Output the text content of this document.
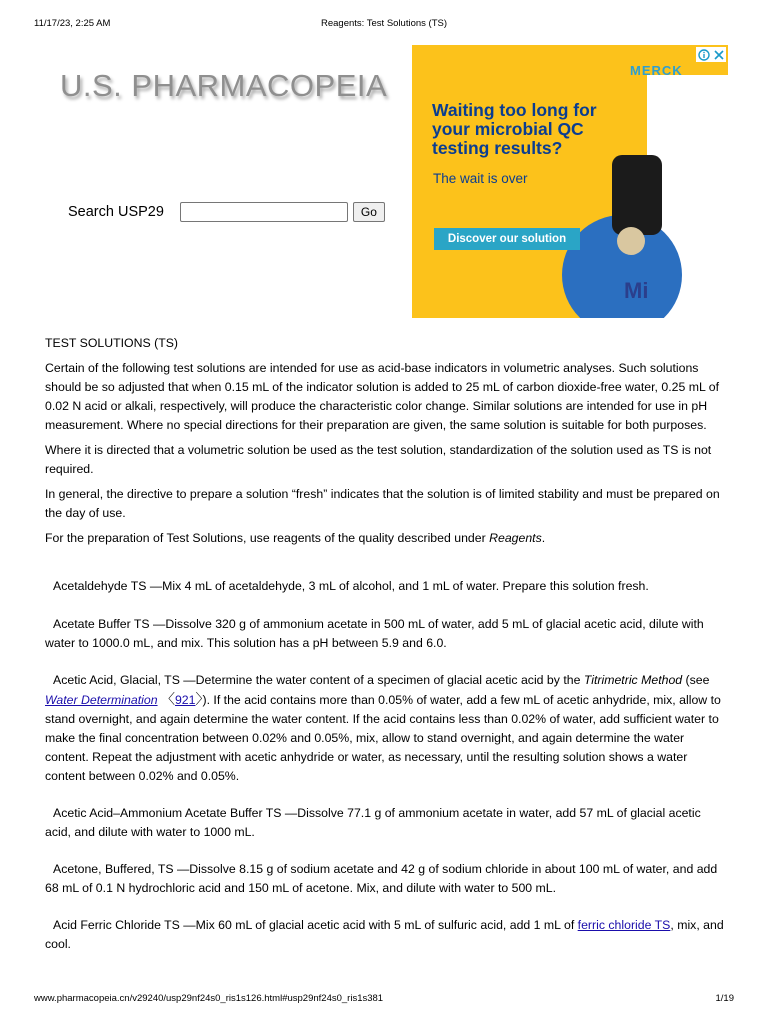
11/17/23, 2:25 AM	Reagents: Test Solutions (TS)
U.S. PHARMACOPEIA
Search USP29	Go
MERCK
Waiting too long for your microbial QC testing results?
The wait is over
Discover our solution
Mi

TEST SOLUTIONS (TS)

Certain of the following test solutions are intended for use as acid-base indicators in volumetric analyses. Such solutions should be so adjusted that when 0.15 mL of the indicator solution is added to 25 mL of carbon dioxide-free water, 0.25 mL of 0.02 N acid or alkali, respectively, will produce the characteristic color change. Similar solutions are intended for use in pH measurement. Where no special directions for their preparation are given, the same solution is suitable for both purposes.

Where it is directed that a volumetric solution be used as the test solution, standardization of the solution used as TS is not required.

In general, the directive to prepare a solution “fresh” indicates that the solution is of limited stability and must be prepared on the day of use.

For the preparation of Test Solutions, use reagents of the quality described under Reagents.

Acetaldehyde TS —Mix 4 mL of acetaldehyde, 3 mL of alcohol, and 1 mL of water. Prepare this solution fresh.

Acetate Buffer TS —Dissolve 320 g of ammonium acetate in 500 mL of water, add 5 mL of glacial acetic acid, dilute with water to 1000.0 mL, and mix. This solution has a pH between 5.9 and 6.0.

Acetic Acid, Glacial, TS —Determine the water content of a specimen of glacial acetic acid by the Titrimetric Method (see
Water Determination 〈921〉). If the acid contains more than 0.05% of water, add a few mL of acetic anhydride, mix, allow to stand overnight, and again determine the water content. If the acid contains less than 0.02% of water, add sufficient water to make the final concentration between 0.02% and 0.05%, mix, allow to stand overnight, and again determine the water content. Repeat the adjustment with acetic anhydride or water, as necessary, until the resulting solution shows a water content between 0.02% and 0.05%.

Acetic Acid–Ammonium Acetate Buffer TS —Dissolve 77.1 g of ammonium acetate in water, add 57 mL of glacial acetic acid, and dilute with water to 1000 mL.

Acetone, Buffered, TS —Dissolve 8.15 g of sodium acetate and 42 g of sodium chloride in about 100 mL of water, and add 68 mL of 0.1 N hydrochloric acid and 150 mL of acetone. Mix, and dilute with water to 500 mL.

Acid Ferric Chloride TS —Mix 60 mL of glacial acetic acid with 5 mL of sulfuric acid, add 1 mL of ferric chloride TS, mix, and cool.

www.pharmacopeia.cn/v29240/usp29nf24s0_ris1s126.html#usp29nf24s0_ris1s381	1/19
